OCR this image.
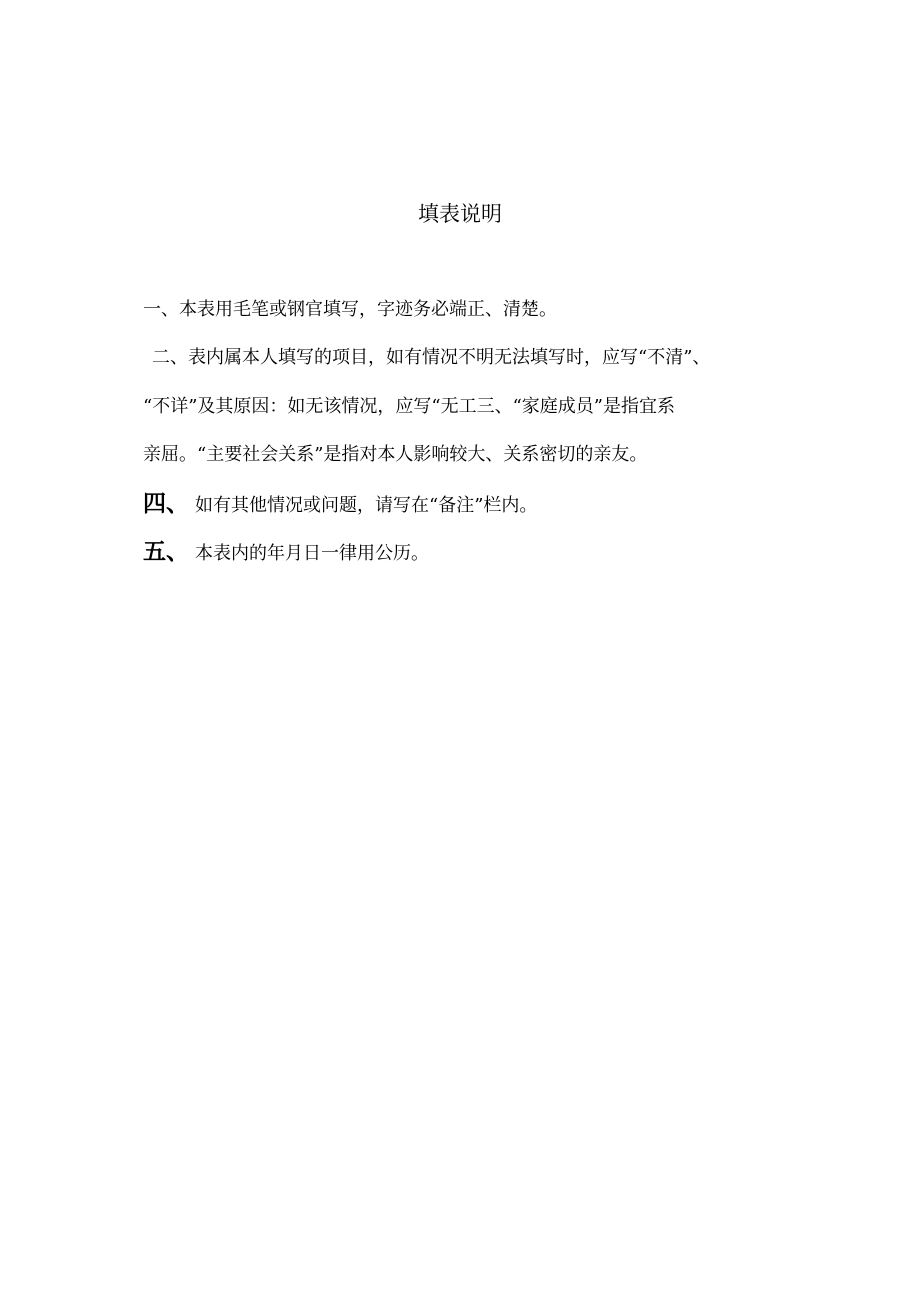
填表说明
一、本表用毛笔或钢官填写，字迹务必端正、清楚。
二、表内属本人填写的项目，如有情况不明无法填写时，应写“不清”、
“不详”及其原因：如无该情况，应写“无工三、“家庭成员”是指宜系
亲屈。“主要社会关系”是指对本人影响较大、关系密切的亲友。
四、 如有其他情况或问题，请写在“备注”栏内。
五、 本表内的年月日一律用公历。
